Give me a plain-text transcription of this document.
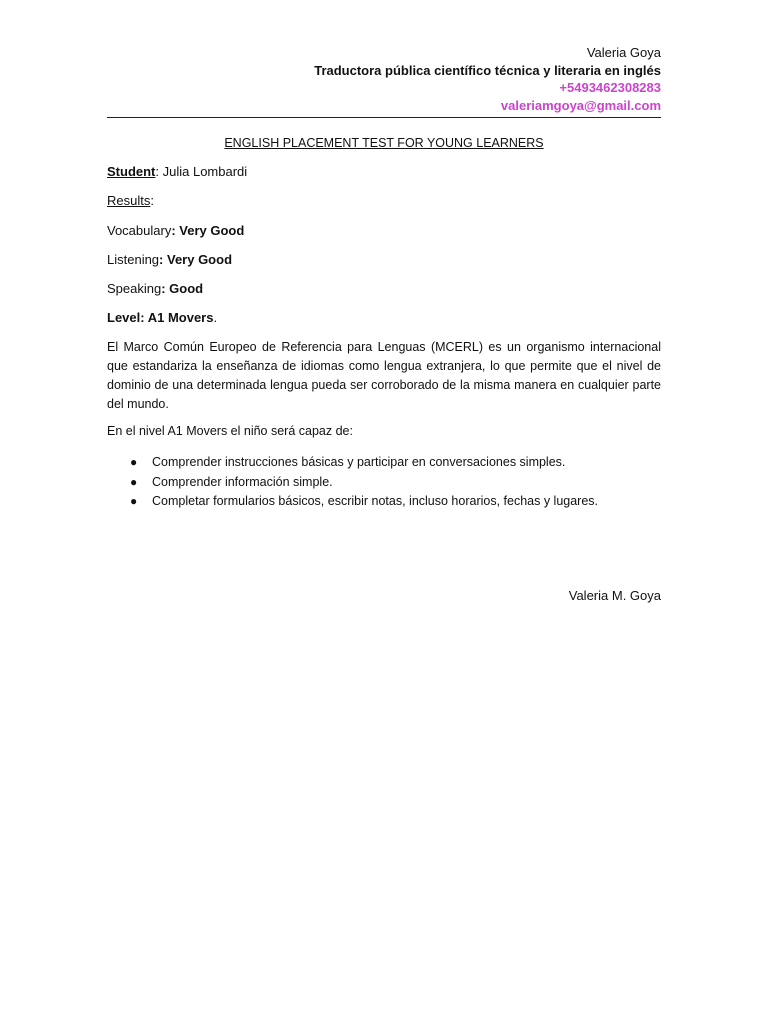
Valeria Goya
Traductora pública científico técnica y literaria en inglés
+5493462308283
valeriamgoya@gmail.com
ENGLISH PLACEMENT TEST FOR YOUNG LEARNERS
Student: Julia Lombardi
Results:
Vocabulary: Very Good
Listening: Very Good
Speaking: Good
Level: A1 Movers.
El Marco Común Europeo de Referencia para Lenguas (MCERL) es un organismo internacional que estandariza la enseñanza de idiomas como lengua extranjera, lo que permite que el nivel de dominio de una determinada lengua pueda ser corroborado de la misma manera en cualquier parte del mundo.
En el nivel A1 Movers el niño será capaz de:
● Comprender instrucciones básicas y participar en conversaciones simples.
● Comprender información simple.
● Completar formularios básicos, escribir notas, incluso horarios, fechas y lugares.
Valeria M. Goya
